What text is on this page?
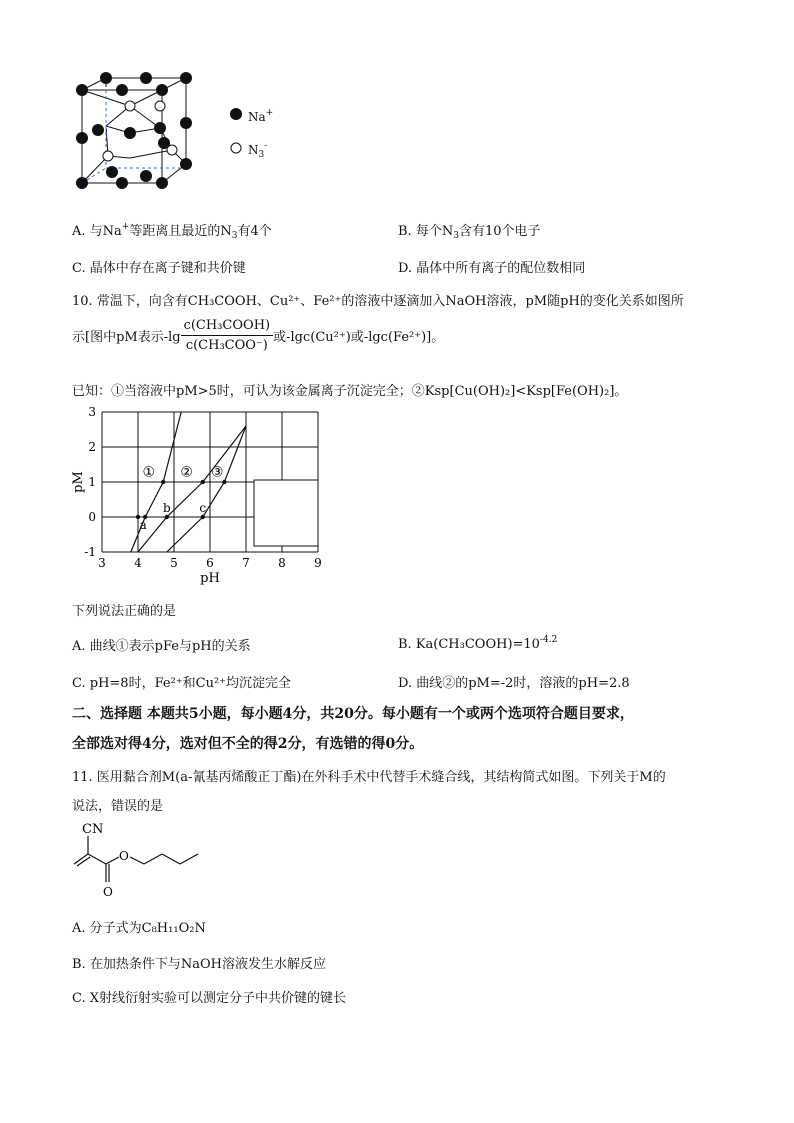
Na+
$N_3^-$
A. 与Na+等距离且最近的$N_3$有4个	B. 每个$N_3$含有10个电子
C. 晶体中存在离子键和共价键	D. 晶体中所有离子的配位数相同
10. 常温下，向含有CH₃COOH、Cu²⁺、Fe²⁺的溶液中逐滴加入NaOH溶液，pM随pH的变化关系如图所
示[图中pM表示$-\lg \frac{\text{c(CH₃COOH)}}{\text{c(CH₃COO⁻)}}$ 或-lgc(Cu²⁺)或-lgc(Fe²⁺)]。
已知：①当溶液中pM>5时，可认为该金属离子沉淀完全；②Ksp[Cu(OH)₂]<Ksp[Fe(OH)₂]。
3 4 5 6 7 8 9
3
2
1
0
-1
pH
pM	① ② ③
a
b c
下列说法正确的是
A. 曲线①表示pFe与pH的关系	B. $Ka(CH_3COOH)=10^{-4.2}$
C. pH=8时，Fe²⁺和Cu²⁺均沉淀完全	D. 曲线②的pM=-2时，溶液的pH=2.8
二、选择题 本题共5小题，每小题4分，共20分。每小题有一个或两个选项符合题目要求，
全部选对得4分，选对但不全的得2分，有选错的得0分。
11. 医用黏合剂M(a-氰基丙烯酸正丁酯)在外科手术中代替手术缝合线，其结构简式如图。下列关于M的
说法，错误的是
CN
O
O
A. 分子式为C₈H₁₁O₂N
B. 在加热条件下与NaOH溶液发生水解反应
C. X射线衍射实验可以测定分子中共价键的键长
